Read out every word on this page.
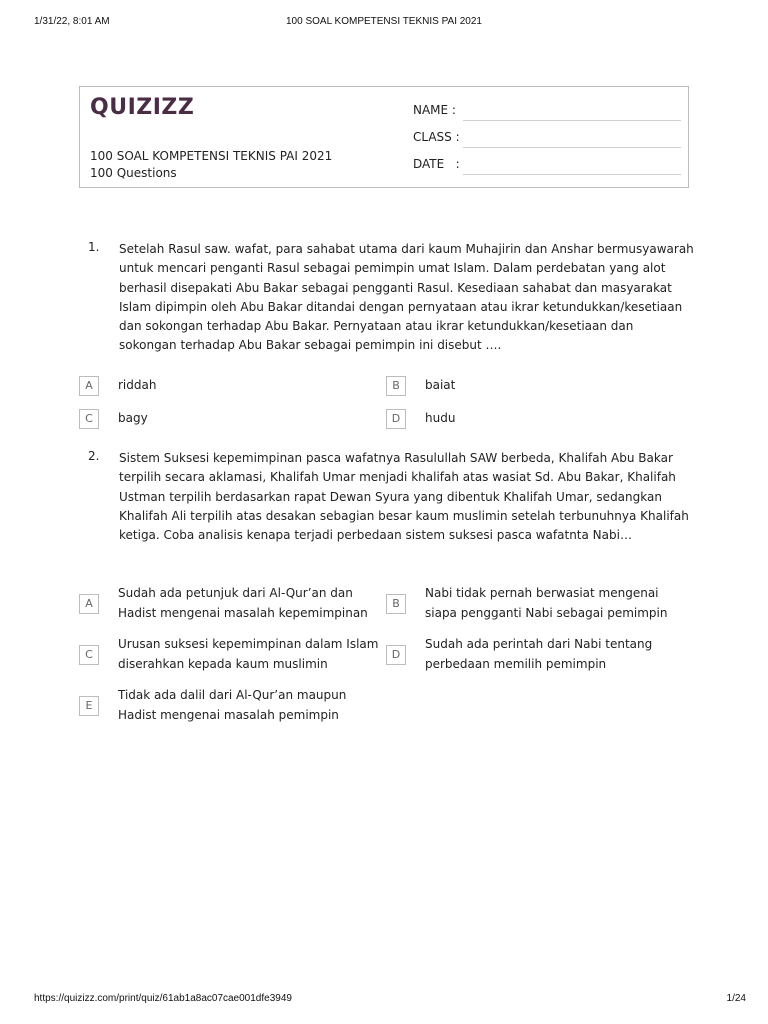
1/31/22, 8:01 AM	100 SOAL KOMPETENSI TEKNIS PAI 2021
QUIZIZZ
100 SOAL KOMPETENSI TEKNIS PAI 2021
100 Questions
NAME :
CLASS :
DATE   :
1. Setelah Rasul saw. wafat, para sahabat utama dari kaum Muhajirin dan Anshar bermusyawarah untuk mencari penganti Rasul sebagai pemimpin umat Islam. Dalam perdebatan yang alot berhasil disepakati Abu Bakar sebagai pengganti Rasul. Kesediaan sahabat dan masyarakat Islam dipimpin oleh Abu Bakar ditandai dengan pernyataan atau ikrar ketundukkan/kesetiaan dan sokongan terhadap Abu Bakar. Pernyataan atau ikrar ketundukkan/kesetiaan dan sokongan terhadap Abu Bakar sebagai pemimpin ini disebut ….
A	riddah	B	baiat
C	bagy	D	hudu
2. Sistem Suksesi kepemimpinan pasca wafatnya Rasulullah SAW berbeda, Khalifah Abu Bakar terpilih secara aklamasi, Khalifah Umar menjadi khalifah atas wasiat Sd. Abu Bakar, Khalifah Ustman terpilih berdasarkan rapat Dewan Syura yang dibentuk Khalifah Umar, sedangkan Khalifah Ali terpilih atas desakan sebagian besar kaum muslimin setelah terbunuhnya Khalifah ketiga. Coba analisis kenapa terjadi perbedaan sistem suksesi pasca wafatnta Nabi…
A
Sudah ada petunjuk dari Al-Qur’an dan Hadist mengenai masalah kepemimpinan
B
Nabi tidak pernah berwasiat mengenai siapa pengganti Nabi sebagai pemimpin
C
Urusan suksesi kepemimpinan dalam Islam diserahkan kepada kaum muslimin
D
Sudah ada perintah dari Nabi tentang perbedaan memilih pemimpin
E
Tidak ada dalil dari Al-Qur’an maupun Hadist mengenai masalah pemimpin
https://quizizz.com/print/quiz/61ab1a8ac07cae001dfe3949	1/24
